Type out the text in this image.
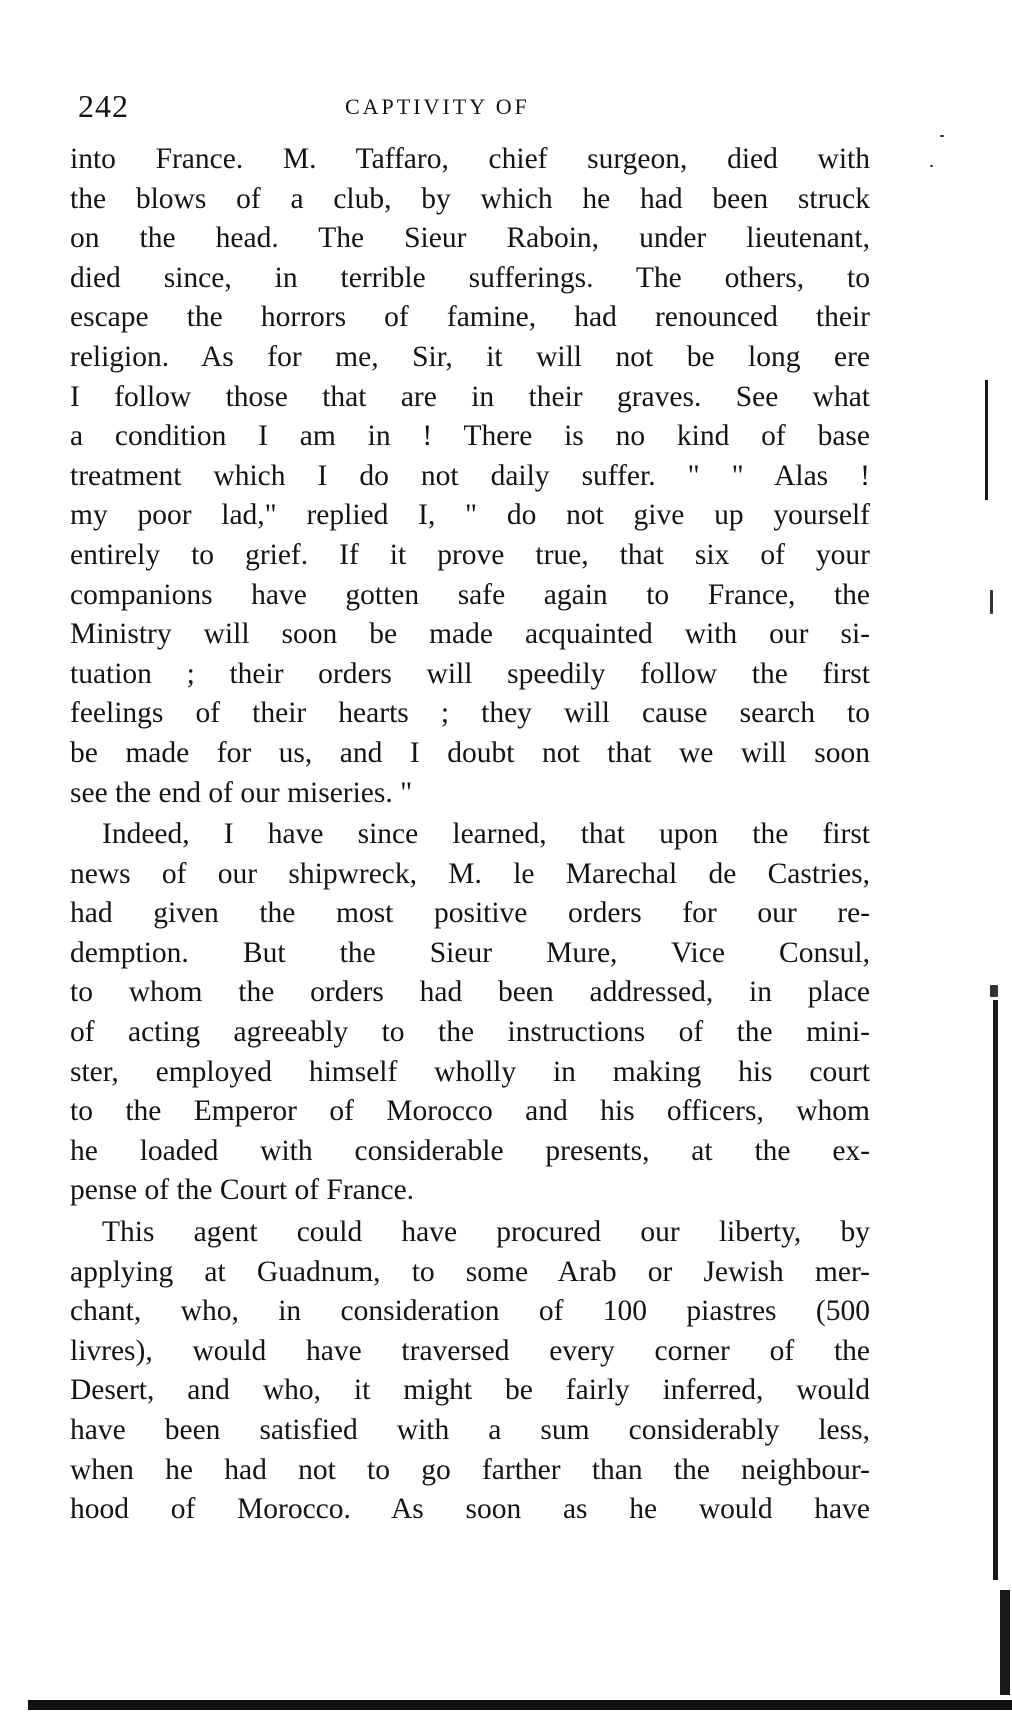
242	CAPTIVITY OF
into France. M. Taffaro, chief surgeon, died with
the blows of a club, by which he had been struck
on the head. The Sieur Raboin, under lieutenant,
died since, in terrible sufferings. The others, to
escape the horrors of famine, had renounced their
religion. As for me, Sir, it will not be long ere
I follow those that are in their graves. See what
a condition I am in ! There is no kind of base
treatment which I do not daily suffer. " " Alas !
my poor lad," replied I, " do not give up yourself
entirely to grief. If it prove true, that six of your
companions have gotten safe again to France, the
Ministry will soon be made acquainted with our si-
tuation ; their orders will speedily follow the first
feelings of their hearts ; they will cause search to
be made for us, and I doubt not that we will soon
see the end of our miseries. "
Indeed, I have since learned, that upon the first
news of our shipwreck, M. le Marechal de Castries,
had given the most positive orders for our re-
demption. But the Sieur Mure, Vice Consul,
to whom the orders had been addressed, in place
of acting agreeably to the instructions of the mini-
ster, employed himself wholly in making his court
to the Emperor of Morocco and his officers, whom
he loaded with considerable presents, at the ex-
pense of the Court of France.
This agent could have procured our liberty, by
applying at Guadnum, to some Arab or Jewish mer-
chant, who, in consideration of 100 piastres (500
livres), would have traversed every corner of the
Desert, and who, it might be fairly inferred, would
have been satisfied with a sum considerably less,
when he had not to go farther than the neighbour-
hood of Morocco. As soon as he would have
